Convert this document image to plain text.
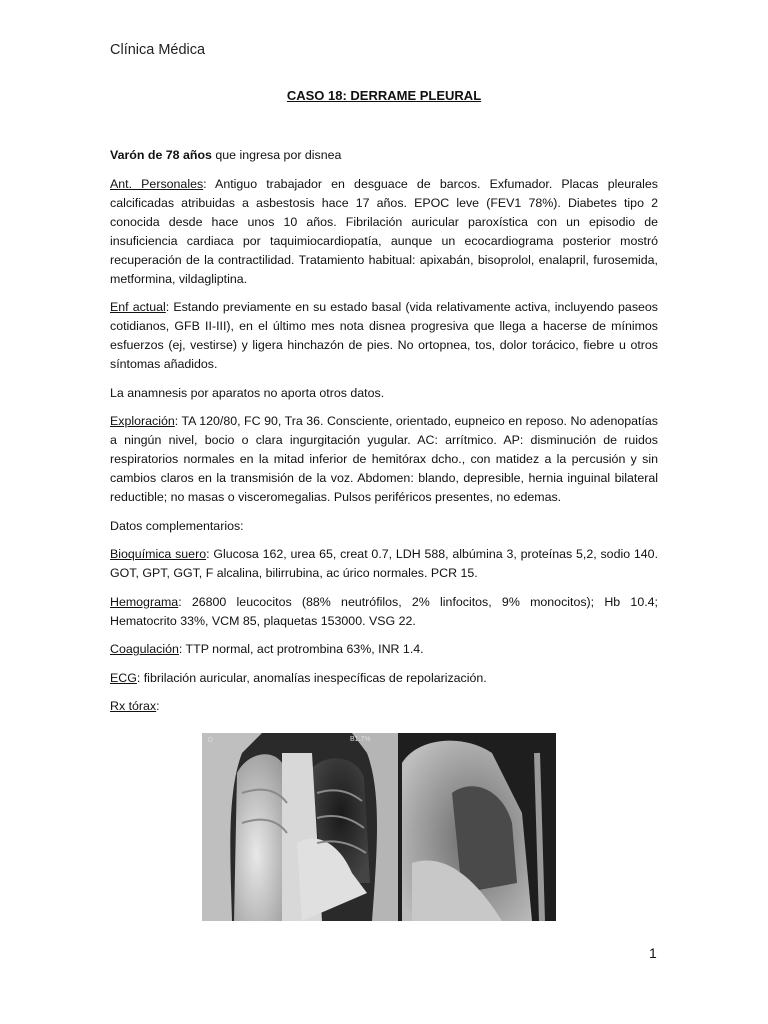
Clínica Médica
CASO 18: DERRAME PLEURAL

Varón de 78 años que ingresa por disnea

Ant. Personales: Antiguo trabajador en desguace de barcos. Exfumador. Placas pleurales calcificadas atribuidas a asbestosis hace 17 años. EPOC leve (FEV1 78%). Diabetes tipo 2 conocida desde hace unos 10 años. Fibrilación auricular paroxística con un episodio de insuficiencia cardiaca por taquimiocardiopatía, aunque un ecocardiograma posterior mostró recuperación de la contractilidad. Tratamiento habitual: apixabán, bisoprolol, enalapril, furosemida, metformina, vildagliptina.

Enf actual: Estando previamente en su estado basal (vida relativamente activa, incluyendo paseos cotidianos, GFB II-III), en el último mes nota disnea progresiva que llega a hacerse de mínimos esfuerzos (ej, vestirse) y ligera hinchazón de pies. No ortopnea, tos, dolor torácico, fiebre u otros síntomas añadidos.

La anamnesis por aparatos no aporta otros datos.

Exploración: TA 120/80, FC 90, Tra 36. Consciente, orientado, eupneico en reposo. No adenopatías a ningún nivel, bocio o clara ingurgitación yugular. AC: arrítmico. AP: disminución de ruidos respiratorios normales en la mitad inferior de hemitórax dcho., con matidez a la percusión y sin cambios claros en la transmisión de la voz. Abdomen: blando, depresible, hernia inguinal bilateral reductible; no masas o visceromegalias. Pulsos periféricos presentes, no edemas.

Datos complementarios:

Bioquímica suero: Glucosa 162, urea 65, creat 0.7, LDH 588, albúmina 3, proteínas 5,2, sodio 140. GOT, GPT, GGT, F alcalina, bilirrubina, ac úrico normales. PCR 15.

Hemograma: 26800 leucocitos (88% neutrófilos, 2% linfocitos, 9% monocitos); Hb 10.4; Hematocrito 33%, VCM 85, plaquetas 153000. VSG 22.

Coagulación: TTP normal, act protrombina 63%, INR 1.4.

ECG: fibrilación auricular, anomalías inespecíficas de repolarización.

Rx tórax:

D	B1.7%
1
